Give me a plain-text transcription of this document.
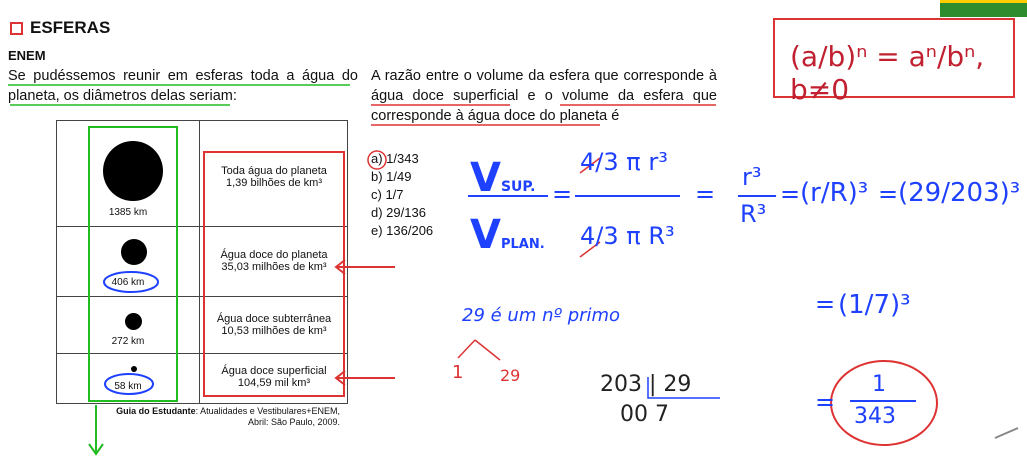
ESFERAS
ENEM
Se pudéssemos reunir em esferas toda a água do planeta, os diâmetros delas seriam:
A razão entre o volume da esfera que corresponde à água doce superficial e o volume da esfera que corresponde à água doce do planeta é
a) 1/343
b) 1/49
c) 1/7
d) 29/136
e) 136/206
1385 km
Toda água do planeta
1,39 bilhões de km³
406 km
Água doce do planeta
35,03 milhões de km³
272 km
Água doce subterrânea
10,53 milhões de km³
58 km
Água doce superficial
104,59 mil km³
Guia do Estudante: Atualidades e Vestibulares+ENEM,
Abril: São Paulo, 2009.
(a/b)ⁿ = aⁿ/bⁿ, b≠0
VSUP.
VPLAN.
=
4/3 π r³
4/3 π R³
=
r³
R³
= (r/R)³ = (29/203)³
29 é um nº primo
1 29	203 | 29
00 7
= (1/7)³
=
1
343
